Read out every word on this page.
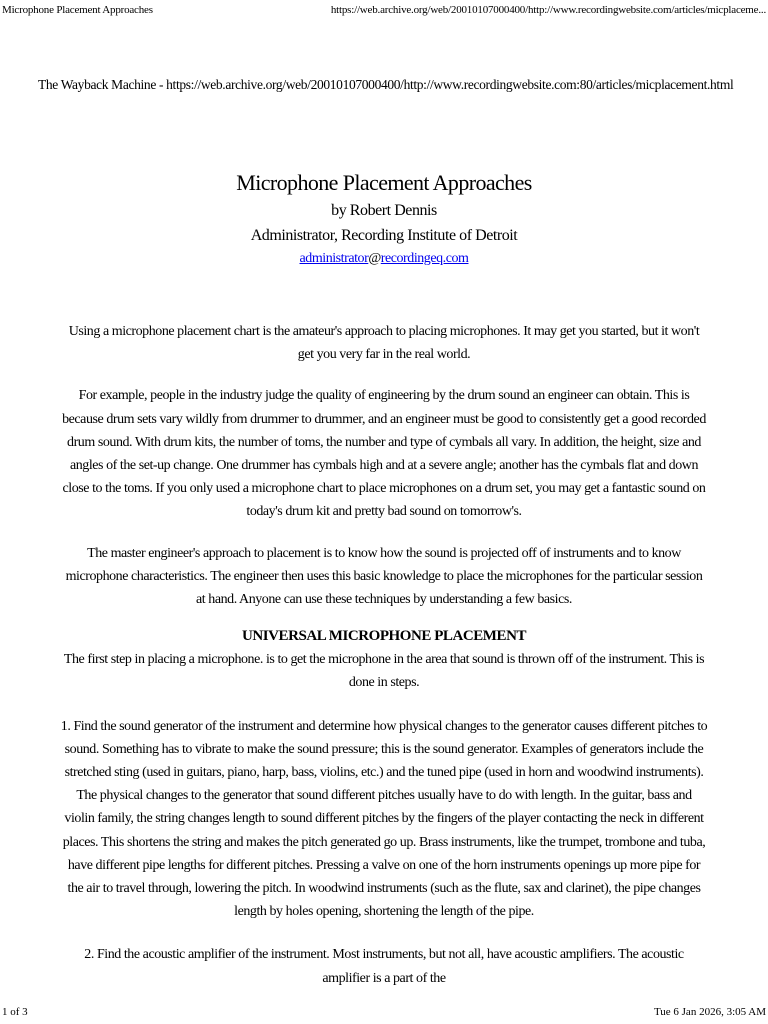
Microphone Placement Approaches	https://web.archive.org/web/20010107000400/http://www.recordingwebsite.com/articles/micplaceme...
The Wayback Machine - https://web.archive.org/web/20010107000400/http://www.recordingwebsite.com:80/articles/micplacement.html
Microphone Placement Approaches

by Robert Dennis

Administrator, Recording Institute of Detroit

administrator@recordingeq.com

Using a microphone placement chart is the amateur's approach to placing microphones. It may get you started, but it won't get you very far in the real world.

For example, people in the industry judge the quality of engineering by the drum sound an engineer can obtain. This is because drum sets vary wildly from drummer to drummer, and an engineer must be good to consistently get a good recorded drum sound. With drum kits, the number of toms, the number and type of cymbals all vary. In addition, the height, size and angles of the set-up change. One drummer has cymbals high and at a severe angle; another has the cymbals flat and down close to the toms. If you only used a microphone chart to place microphones on a drum set, you may get a fantastic sound on today's drum kit and pretty bad sound on tomorrow's.

The master engineer's approach to placement is to know how the sound is projected off of instruments and to know microphone characteristics. The engineer then uses this basic knowledge to place the microphones for the particular session at hand. Anyone can use these techniques by understanding a few basics.

UNIVERSAL MICROPHONE PLACEMENT

The first step in placing a microphone. is to get the microphone in the area that sound is thrown off of the instrument. This is done in steps.

1. Find the sound generator of the instrument and determine how physical changes to the generator causes different pitches to sound. Something has to vibrate to make the sound pressure; this is the sound generator. Examples of generators include the stretched sting (used in guitars, piano, harp, bass, violins, etc.) and the tuned pipe (used in horn and woodwind instruments). The physical changes to the generator that sound different pitches usually have to do with length. In the guitar, bass and violin family, the string changes length to sound different pitches by the fingers of the player contacting the neck in different places. This shortens the string and makes the pitch generated go up. Brass instruments, like the trumpet, trombone and tuba, have different pipe lengths for different pitches. Pressing a valve on one of the horn instruments openings up more pipe for the air to travel through, lowering the pitch. In woodwind instruments (such as the flute, sax and clarinet), the pipe changes length by holes opening, shortening the length of the pipe.

2. Find the acoustic amplifier of the instrument. Most instruments, but not all, have acoustic amplifiers. The acoustic amplifier is a part of the

1 of 3	Tue 6 Jan 2026, 3:05 AM
